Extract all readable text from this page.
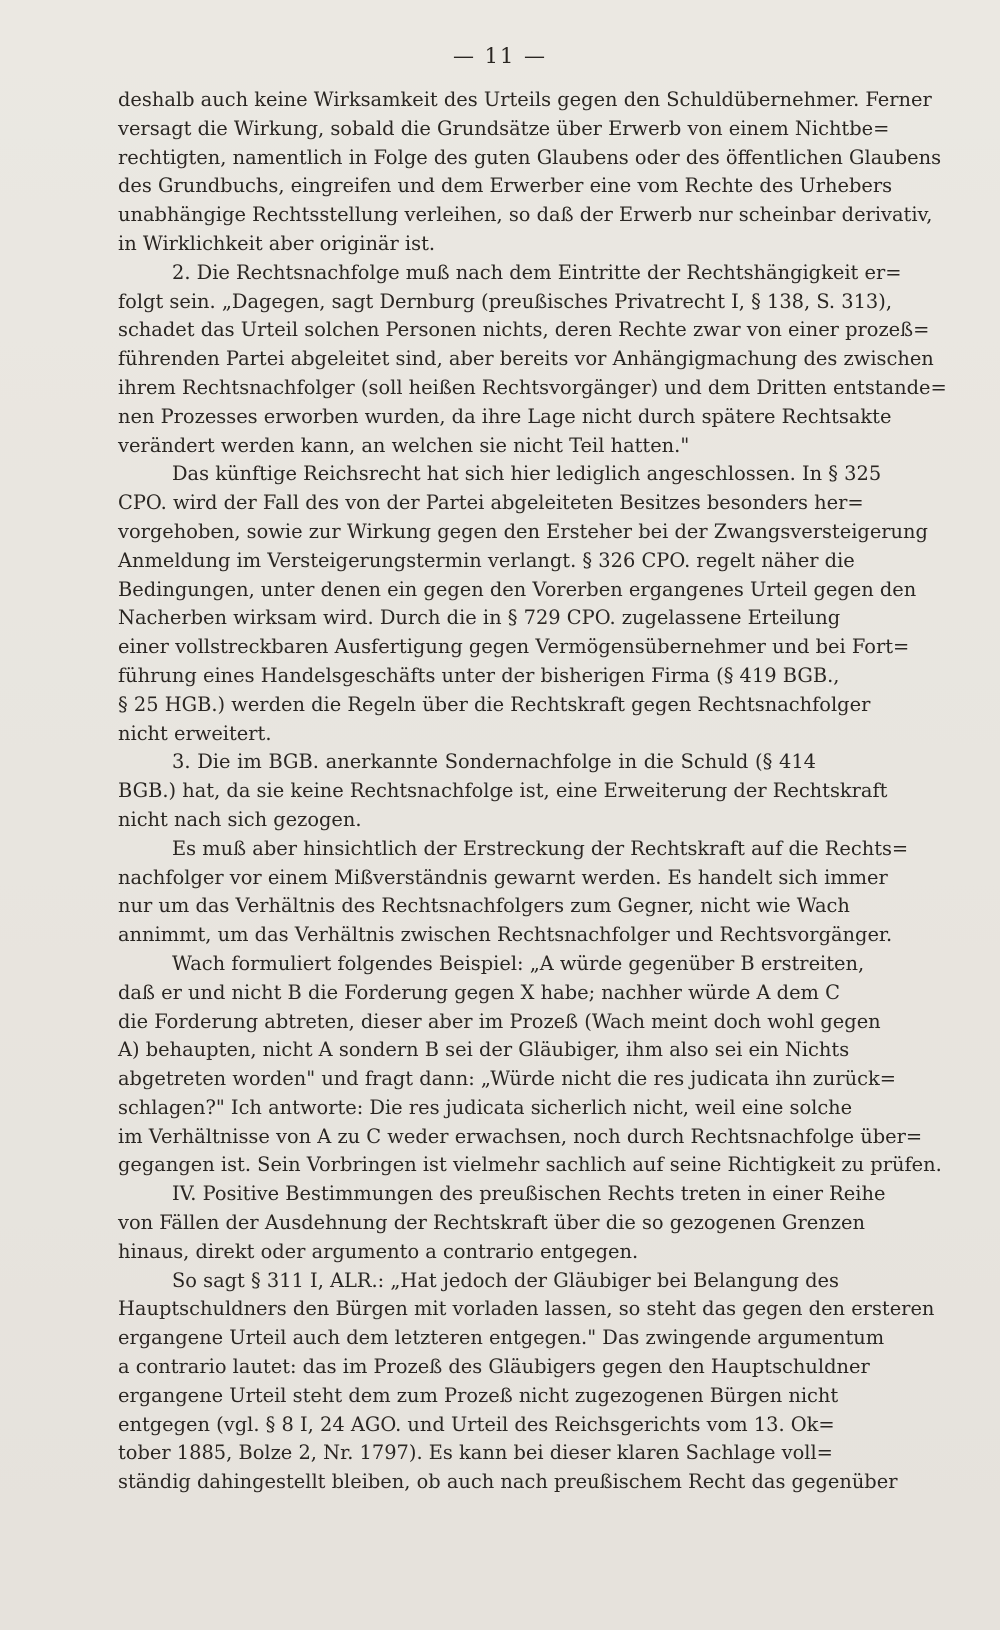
— 11 —
deshalb auch keine Wirksamkeit des Urteils gegen den Schuldübernehmer. Ferner
versagt die Wirkung, sobald die Grundsätze über Erwerb von einem Nichtbe=
rechtigten, namentlich in Folge des guten Glaubens oder des öffentlichen Glaubens
des Grundbuchs, eingreifen und dem Erwerber eine vom Rechte des Urhebers
unabhängige Rechtsstellung verleihen, so daß der Erwerb nur scheinbar derivativ,
in Wirklichkeit aber originär ist.
2. Die Rechtsnachfolge muß nach dem Eintritte der Rechtshängigkeit er=
folgt sein. „Dagegen, sagt Dernburg (preußisches Privatrecht I, § 138, S. 313),
schadet das Urteil solchen Personen nichts, deren Rechte zwar von einer prozeß=
führenden Partei abgeleitet sind, aber bereits vor Anhängigmachung des zwischen
ihrem Rechtsnachfolger (soll heißen Rechtsvorgänger) und dem Dritten entstande=
nen Prozesses erworben wurden, da ihre Lage nicht durch spätere Rechtsakte
verändert werden kann, an welchen sie nicht Teil hatten."
Das künftige Reichsrecht hat sich hier lediglich angeschlossen. In § 325
CPO. wird der Fall des von der Partei abgeleiteten Besitzes besonders her=
vorgehoben, sowie zur Wirkung gegen den Ersteher bei der Zwangsversteigerung
Anmeldung im Versteigerungstermin verlangt. § 326 CPO. regelt näher die
Bedingungen, unter denen ein gegen den Vorerben ergangenes Urteil gegen den
Nacherben wirksam wird. Durch die in § 729 CPO. zugelassene Erteilung
einer vollstreckbaren Ausfertigung gegen Vermögensübernehmer und bei Fort=
führung eines Handelsgeschäfts unter der bisherigen Firma (§ 419 BGB.,
§ 25 HGB.) werden die Regeln über die Rechtskraft gegen Rechtsnachfolger
nicht erweitert.
3. Die im BGB. anerkannte Sondernachfolge in die Schuld (§ 414
BGB.) hat, da sie keine Rechtsnachfolge ist, eine Erweiterung der Rechtskraft
nicht nach sich gezogen.
Es muß aber hinsichtlich der Erstreckung der Rechtskraft auf die Rechts=
nachfolger vor einem Mißverständnis gewarnt werden. Es handelt sich immer
nur um das Verhältnis des Rechtsnachfolgers zum Gegner, nicht wie Wach
annimmt, um das Verhältnis zwischen Rechtsnachfolger und Rechtsvorgänger.
Wach formuliert folgendes Beispiel: „A würde gegenüber B erstreiten,
daß er und nicht B die Forderung gegen X habe; nachher würde A dem C
die Forderung abtreten, dieser aber im Prozeß (Wach meint doch wohl gegen
A) behaupten, nicht A sondern B sei der Gläubiger, ihm also sei ein Nichts
abgetreten worden" und fragt dann: „Würde nicht die res judicata ihn zurück=
schlagen?" Ich antworte: Die res judicata sicherlich nicht, weil eine solche
im Verhältnisse von A zu C weder erwachsen, noch durch Rechtsnachfolge über=
gegangen ist. Sein Vorbringen ist vielmehr sachlich auf seine Richtigkeit zu prüfen.
IV. Positive Bestimmungen des preußischen Rechts treten in einer Reihe
von Fällen der Ausdehnung der Rechtskraft über die so gezogenen Grenzen
hinaus, direkt oder argumento a contrario entgegen.
So sagt § 311 I, ALR.: „Hat jedoch der Gläubiger bei Belangung des
Hauptschuldners den Bürgen mit vorladen lassen, so steht das gegen den ersteren
ergangene Urteil auch dem letzteren entgegen." Das zwingende argumentum
a contrario lautet: das im Prozeß des Gläubigers gegen den Hauptschuldner
ergangene Urteil steht dem zum Prozeß nicht zugezogenen Bürgen nicht
entgegen (vgl. § 8 I, 24 AGO. und Urteil des Reichsgerichts vom 13. Ok=
tober 1885, Bolze 2, Nr. 1797). Es kann bei dieser klaren Sachlage voll=
ständig dahingestellt bleiben, ob auch nach preußischem Recht das gegenüber
